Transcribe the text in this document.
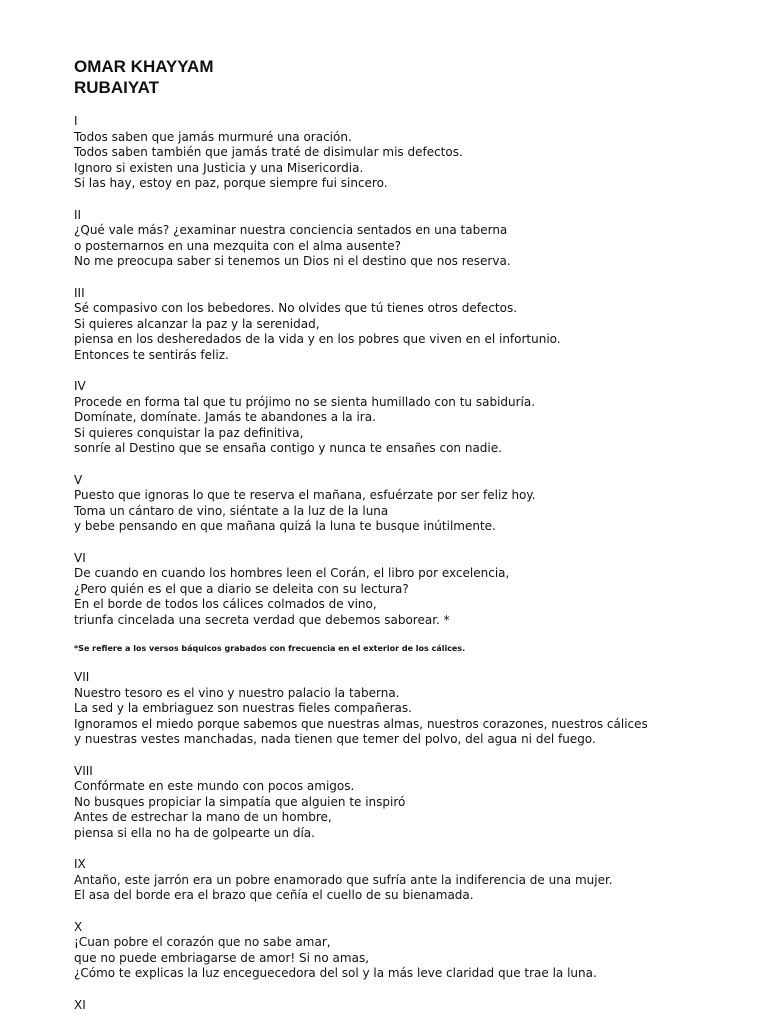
OMAR KHAYYAM
RUBAIYAT
I
Todos saben que jamás murmuré una oración.
Todos saben también que jamás traté de disimular mis defectos.
Ignoro si existen una Justicia y una Misericordia.
Si las hay, estoy en paz, porque siempre fui sincero.
II
¿Qué vale más? ¿examinar nuestra conciencia sentados en una taberna
o posternarnos en una mezquita con el alma ausente?
No me preocupa saber si tenemos un Dios ni el destino que nos reserva.
III
Sé compasivo con los bebedores. No olvides que tú tienes otros defectos.
Si quieres alcanzar la paz y la serenidad,
piensa en los desheredados de la vida y en los pobres que viven en el infortunio.
Entonces te sentirás feliz.
IV
Procede en forma tal que tu prójimo no se sienta humillado con tu sabiduría.
Domínate, domínate. Jamás te abandones a la ira.
Si quieres conquistar la paz definitiva,
sonríe al Destino que se ensaña contigo y nunca te ensañes con nadie.
V
Puesto que ignoras lo que te reserva el mañana, esfuérzate por ser feliz hoy.
Toma un cántaro de vino, siéntate a la luz de la luna
y bebe pensando en que mañana quizá la luna te busque inútilmente.
VI
De cuando en cuando los hombres leen el Corán, el libro por excelencia,
¿Pero quién es el que a diario se deleita con su lectura?
En el borde de todos los cálices colmados de vino,
triunfa cincelada una secreta verdad que debemos saborear. *
*Se refiere a los versos báquicos grabados con frecuencia en el exterior de los cálices.
VII
Nuestro tesoro es el vino y nuestro palacio la taberna.
La sed y la embriaguez son nuestras fieles compañeras.
Ignoramos el miedo porque sabemos que nuestras almas, nuestros corazones, nuestros cálices
y nuestras vestes manchadas, nada tienen que temer del polvo, del agua ni del fuego.
VIII
Confórmate en este mundo con pocos amigos.
No busques propiciar la simpatía que alguien te inspiró
Antes de estrechar la mano de un hombre,
piensa si ella no ha de golpearte un día.
IX
Antaño, este jarrón era un pobre enamorado que sufría ante la indiferencia de una mujer.
El asa del borde era el brazo que ceñía el cuello de su bienamada.
X
¡Cuan pobre el corazón que no sabe amar,
que no puede embriagarse de amor! Si no amas,
¿Cómo te explicas la luz enceguecedora del sol y la más leve claridad que trae la luna.
XI
